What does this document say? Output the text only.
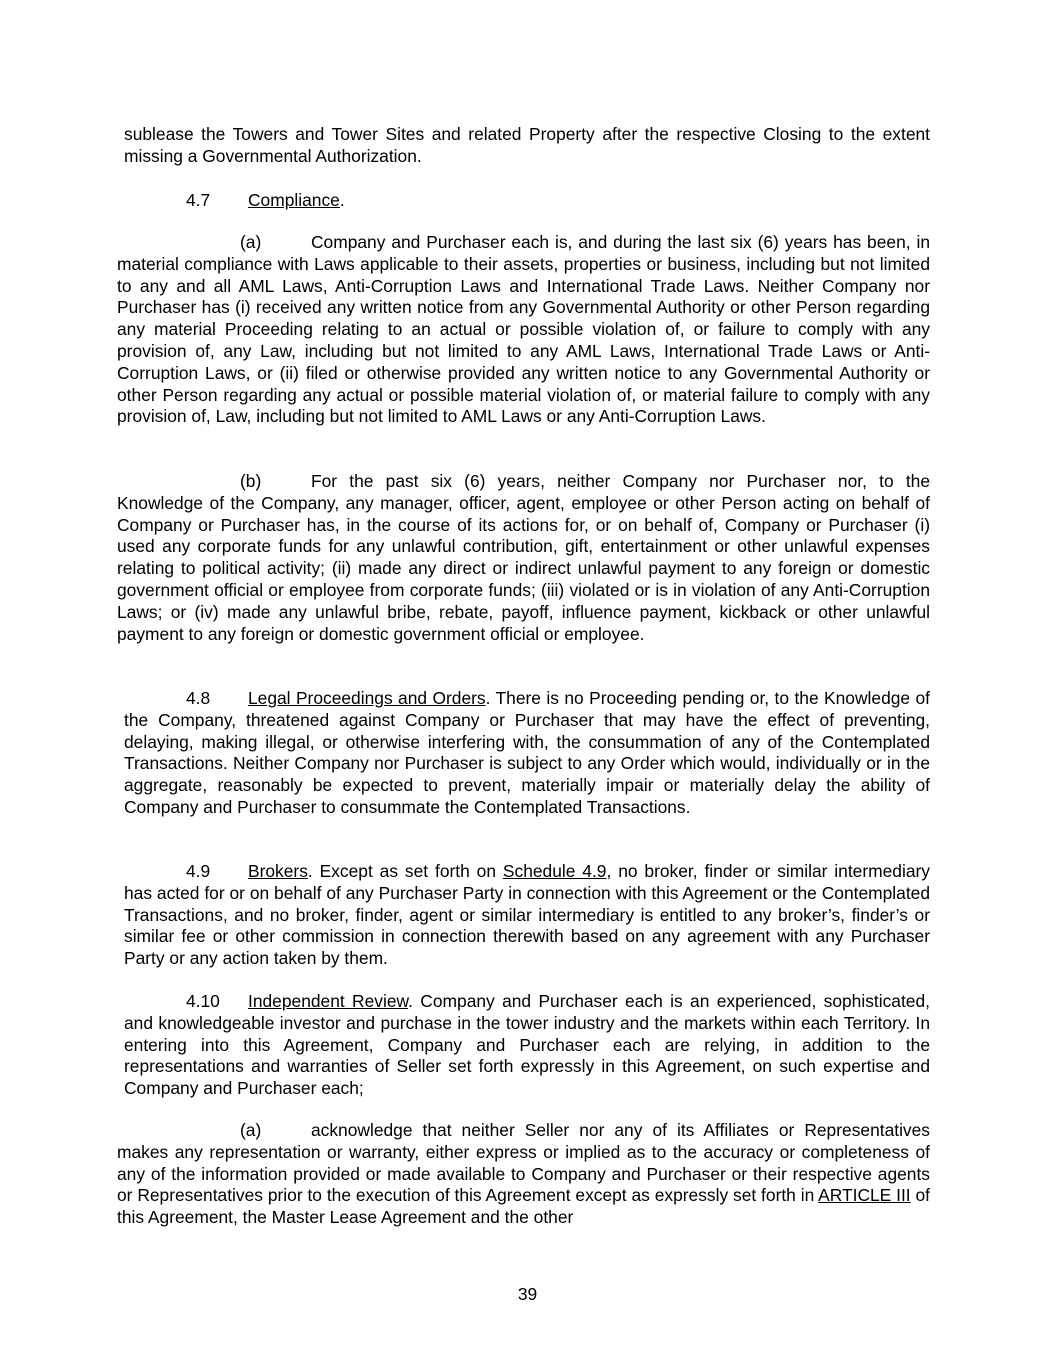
sublease the Towers and Tower Sites and related Property after the respective Closing to the extent missing a Governmental Authorization.

4.7 Compliance.

(a)	Company and Purchaser each is, and during the last six (6) years has been, in material compliance with Laws applicable to their assets, properties or business, including but not limited to any and all AML Laws, Anti-Corruption Laws and International Trade Laws. Neither Company nor Purchaser has (i) received any written notice from any Governmental Authority or other Person regarding any material Proceeding relating to an actual or possible violation of, or failure to comply with any provision of, any Law, including but not limited to any AML Laws, International Trade Laws or Anti-Corruption Laws, or (ii) filed or otherwise provided any written notice to any Governmental Authority or other Person regarding any actual or possible material violation of, or material failure to comply with any provision of, Law, including but not limited to AML Laws or any Anti-Corruption Laws.

(b)	For the past six (6) years, neither Company nor Purchaser nor, to the Knowledge of the Company, any manager, officer, agent, employee or other Person acting on behalf of Company or Purchaser has, in the course of its actions for, or on behalf of, Company or Purchaser (i) used any corporate funds for any unlawful contribution, gift, entertainment or other unlawful expenses relating to political activity; (ii) made any direct or indirect unlawful payment to any foreign or domestic government official or employee from corporate funds; (iii) violated or is in violation of any Anti-Corruption Laws; or (iv) made any unlawful bribe, rebate, payoff, influence payment, kickback or other unlawful payment to any foreign or domestic government official or employee.

4.8 Legal Proceedings and Orders. There is no Proceeding pending or, to the Knowledge of the Company, threatened against Company or Purchaser that may have the effect of preventing, delaying, making illegal, or otherwise interfering with, the consummation of any of the Contemplated Transactions. Neither Company nor Purchaser is subject to any Order which would, individually or in the aggregate, reasonably be expected to prevent, materially impair or materially delay the ability of Company and Purchaser to consummate the Contemplated Transactions.

4.9 Brokers. Except as set forth on Schedule 4.9, no broker, finder or similar intermediary has acted for or on behalf of any Purchaser Party in connection with this Agreement or the Contemplated Transactions, and no broker, finder, agent or similar intermediary is entitled to any broker’s, finder’s or similar fee or other commission in connection therewith based on any agreement with any Purchaser Party or any action taken by them.

4.10 Independent Review. Company and Purchaser each is an experienced, sophisticated, and knowledgeable investor and purchase in the tower industry and the markets within each Territory. In entering into this Agreement, Company and Purchaser each are relying, in addition to the representations and warranties of Seller set forth expressly in this Agreement, on such expertise and Company and Purchaser each;

(a)	acknowledge that neither Seller nor any of its Affiliates or Representatives makes any representation or warranty, either express or implied as to the accuracy or completeness of any of the information provided or made available to Company and Purchaser or their respective agents or Representatives prior to the execution of this Agreement except as expressly set forth in ARTICLE III of this Agreement, the Master Lease Agreement and the other

39
